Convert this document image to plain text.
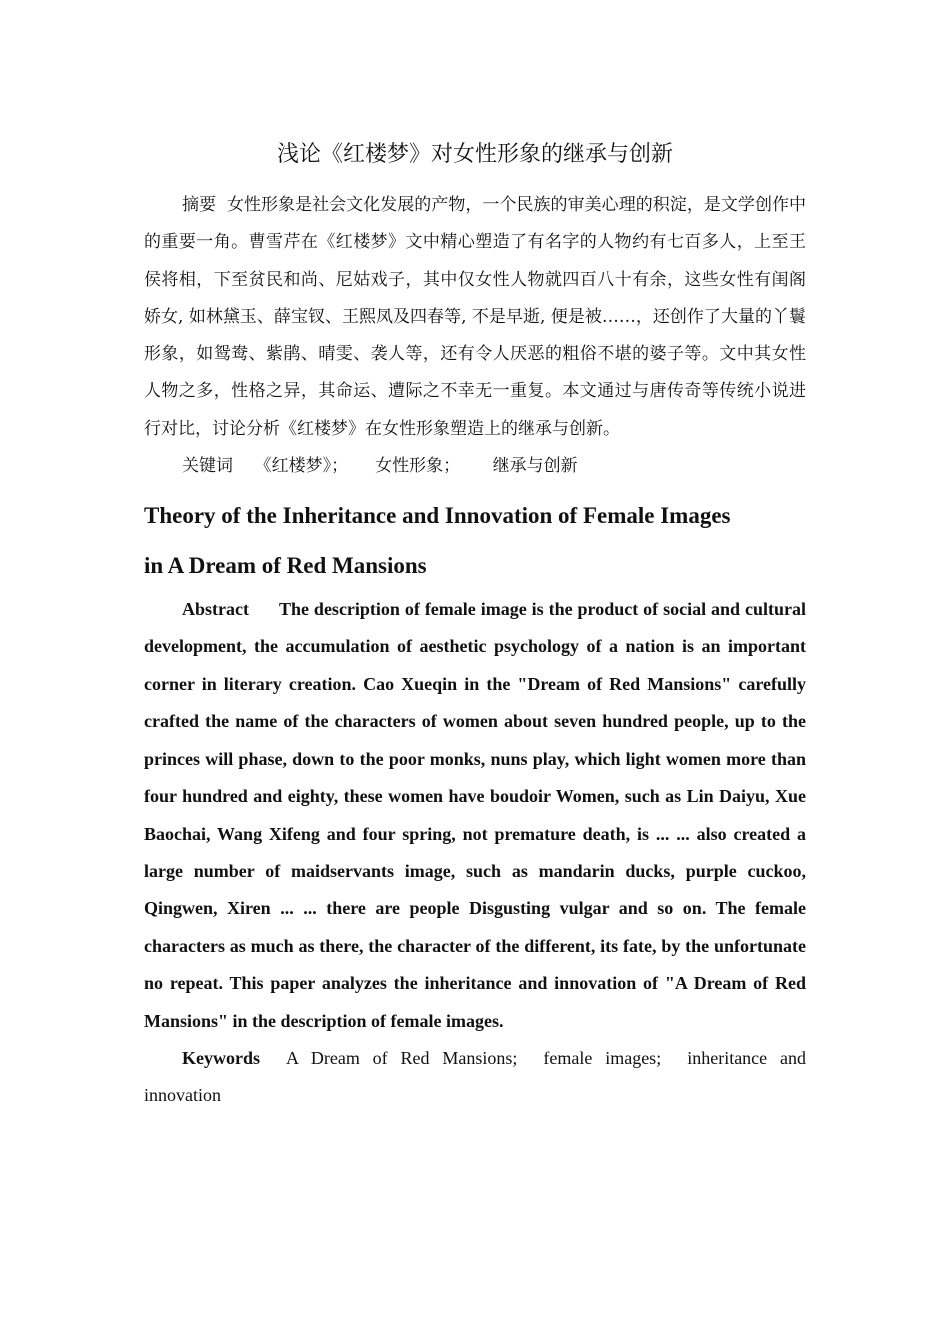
浅论《红楼梦》对女性形象的继承与创新

摘要 女性形象是社会文化发展的产物，一个民族的审美心理的积淀，是文学创作中的重要一角。曹雪芹在《红楼梦》文中精心塑造了有名字的人物约有七百多人，上至王侯将相，下至贫民和尚、尼姑戏子，其中仅女性人物就四百八十有余，这些女性有闺阁娇女, 如林黛玉、薛宝钗、王熙凤及四春等, 不是早逝, 便是被……，还创作了大量的丫鬟形象，如鸳鸯、紫鹃、晴雯、袭人等，还有令人厌恶的粗俗不堪的婆子等。文中其女性人物之多，性格之异，其命运、遭际之不幸无一重复。本文通过与唐传奇等传统小说进行对比，讨论分析《红楼梦》在女性形象塑造上的继承与创新。

关键词 《红楼梦》； 女性形象； 继承与创新

Theory of the Inheritance and Innovation of Female Images
in A Dream of Red Mansions

Abstract The description of female image is the product of social and cultural development, the accumulation of aesthetic psychology of a nation is an important corner in literary creation. Cao Xueqin in the "Dream of Red Mansions" carefully crafted the name of the characters of women about seven hundred people, up to the princes will phase, down to the poor monks, nuns play, which light women more than four hundred and eighty, these women have boudoir Women, such as Lin Daiyu, Xue Baochai, Wang Xifeng and four spring, not premature death, is ... ... also created a large number of maidservants image, such as mandarin ducks, purple cuckoo, Qingwen, Xiren ... ... there are people Disgusting vulgar and so on. The female characters as much as there, the character of the different, its fate, by the unfortunate no repeat. This paper analyzes the inheritance and innovation of "A Dream of Red Mansions" in the description of female images.

Keywords A Dream of Red Mansions; female images; inheritance and innovation
